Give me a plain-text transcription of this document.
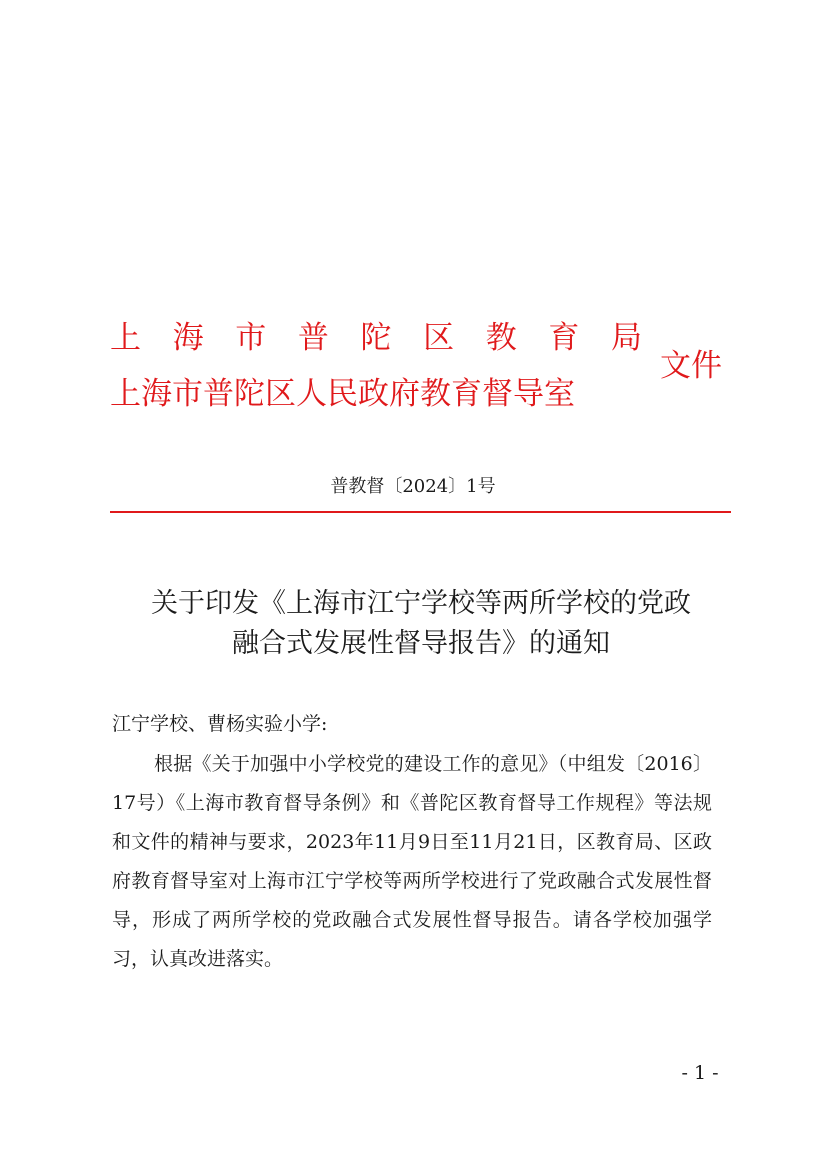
上海市普陀区教育局
上海市普陀区人民政府教育督导室
文件
普教督〔2024〕1号
关于印发《上海市江宁学校等两所学校的党政
融合式发展性督导报告》的通知
江宁学校、曹杨实验小学:
根据《关于加强中小学校党的建设工作的意见》（中组发〔2016〕17号）《上海市教育督导条例》和《普陀区教育督导工作规程》等法规和文件的精神与要求，2023年11月9日至11月21日，区教育局、区政府教育督导室对上海市江宁学校等两所学校进行了党政融合式发展性督导，形成了两所学校的党政融合式发展性督导报告。请各学校加强学习，认真改进落实。
- 1 -
